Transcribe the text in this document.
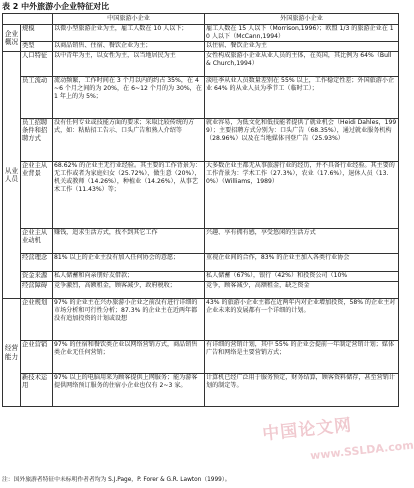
表 2 中外旅游小企业特征对比
		中国旅游小企业	外国旅游小企业
企业概况	规模	以微小型旅游企业为主，雇工人数在 10 人以下；	雇工人数在 15 人以下（Morrison,1996）；欧盟 1/3 的旅游企业在 10 人以下（McCann,1994）
	类型	以商品销售、住宿、餐饮企业为主；	以住宿、餐饮企业为主
从业人员	人口特征	以中青年为主，以女性为主，以当地居民为主	女性构成旅游小企业从业人员的主体，在英国，其比例为 64%（Bull & Church,1994）
	员工流动	流动频繁，工作时间在 3 个月以内的约占 35%，在 4~6 个月之间的为 20%，在 6~12 个月的为 30%，在 1 年上的为 5%；	淡旺季从业人员数量差别在 55% 以上，工作稳定性差；外国旅游小企业 64% 的从业人员为季节工（临时工）；
	员工招聘条件和招聘方式	没有任何专业或技能方面的要求；采取比较传统的方式，如：粘贴招工告示、口头广告和熟人介绍等	就业容易，为低文化和低技能者提供了就业机会（Heidi Dahles，1999）；主要招聘方式分别为：口头广告（68.35%），通过就业服务机构（28.96%）以及在当地媒体刊登广告（25.93%）
	企业主从业背景	68.62% 的企业主无行业经验。其主要的工作背景为：无工作或者为家庭妇女（25.72%），做生意（20%），机关或教师（14.26%），种植业（14.26%），从事艺术工作（11.43%）等；	大多数企业主都无从事旅游行业的经历，并不具备行业经验。其主要的工作背景为：学术工作（27.3%），农业（17.6%），退休人员（13.0%）（Williams，1989）
	企业主从业动机	赚钱，追求生活方式，找不到其它工作	兴趣、享有拥有感，享受悠闲的生活方式
	经营理念	81% 以上的企业主没有加入任何协会的意愿；	重视企业间的合作，83% 的企业主加入各类行业协会
	资金来源	私人储蓄和向亲朋好友借款；	私人储蓄（67%），银行（42%）和投资公司（10%
	经营障碍	竞争激烈，高额租金，顾客减少，政府税收；	竞争，顾客减少，高额租金，缺乏资金
经营能力	企业规划	97% 的企业主在兴办旅游小企业之前没有进行详细的市场分析和可行性分析；87.3% 的企业主在近两年都没有追加投资的计划或设想	43% 的旅游小企业主都在近两年内对企业增加投资，58% 的企业主对企业未来的发展都有一个详细的计划。
	企业营销	97% 的住宿和餐饮类企业以网络营销方式，商品销售类企业无任何营销；	有详细的营销计划，其中 55% 的企业会提前一年制定营销计划；媒体广告和网络是主要营销方式；
	新技术运用	97% 以上的电脑用来为顾客提供上网服务；能为游客提供网络预订服务的住宿小企业也仅有 2~3 家。	计算机已经广泛用于服务预定，财务结算，顾客资料储存，甚至营销计划的制定等。
中国论文网
www.SSLDA.com
注：国外旅游者特征中未标明作者者均为 S.J.Page，P. Forer & G.R. Lawton（1999）。
